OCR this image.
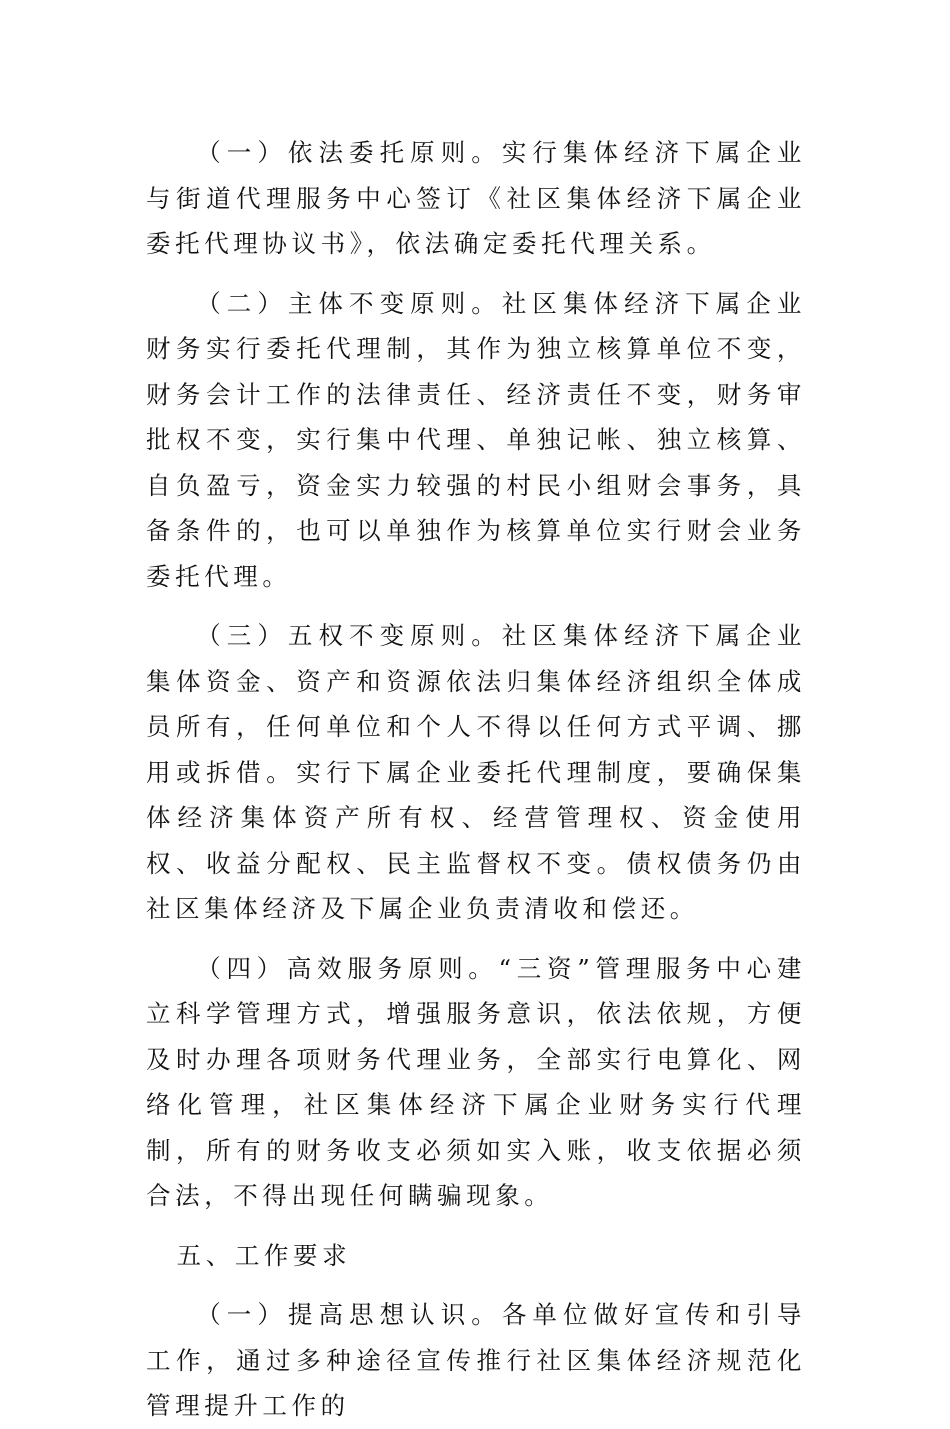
（一）依法委托原则。实行集体经济下属企业与街道代理服务中心签订《社区集体经济下属企业委托代理协议书》，依法确定委托代理关系。

（二）主体不变原则。社区集体经济下属企业财务实行委托代理制，其作为独立核算单位不变，财务会计工作的法律责任、经济责任不变，财务审批权不变，实行集中代理、单独记帐、独立核算、自负盈亏，资金实力较强的村民小组财会事务，具备条件的，也可以单独作为核算单位实行财会业务委托代理。

（三）五权不变原则。社区集体经济下属企业集体资金、资产和资源依法归集体经济组织全体成员所有，任何单位和个人不得以任何方式平调、挪用或拆借。实行下属企业委托代理制度，要确保集体经济集体资产所有权、经营管理权、资金使用权、收益分配权、民主监督权不变。债权债务仍由社区集体经济及下属企业负责清收和偿还。

（四）高效服务原则。“三资”管理服务中心建立科学管理方式，增强服务意识，依法依规，方便及时办理各项财务代理业务，全部实行电算化、网络化管理，社区集体经济下属企业财务实行代理制，所有的财务收支必须如实入账，收支依据必须合法，不得出现任何瞒骗现象。

五、工作要求

（一）提高思想认识。各单位做好宣传和引导工作，通过多种途径宣传推行社区集体经济规范化管理提升工作的
